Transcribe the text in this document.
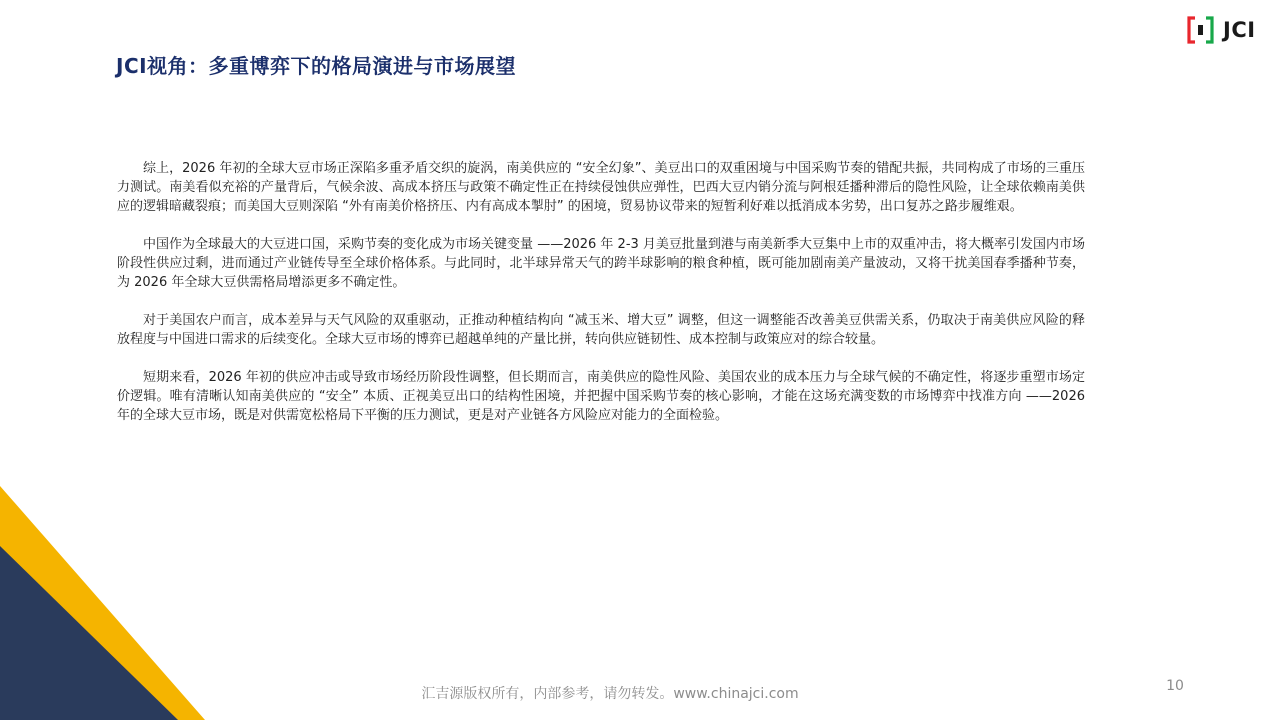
JCI视角：多重博弈下的格局演进与市场展望
JCI

综上，2026 年初的全球大豆市场正深陷多重矛盾交织的旋涡，南美供应的 “安全幻象”、美豆出口的双重困境与中国采购节奏的错配共振，共同构成了市场的三重压力测试。南美看似充裕的产量背后，气候余波、高成本挤压与政策不确定性正在持续侵蚀供应弹性，巴西大豆内销分流与阿根廷播种滞后的隐性风险，让全球依赖南美供应的逻辑暗藏裂痕；而美国大豆则深陷 “外有南美价格挤压、内有高成本掣肘” 的困境，贸易协议带来的短暂利好难以抵消成本劣势，出口复苏之路步履维艰。

中国作为全球最大的大豆进口国，采购节奏的变化成为市场关键变量 ——2026 年 2-3 月美豆批量到港与南美新季大豆集中上市的双重冲击，将大概率引发国内市场阶段性供应过剩，进而通过产业链传导至全球价格体系。与此同时，北半球异常天气的跨半球影响的粮食种植，既可能加剧南美产量波动，又将干扰美国春季播种节奏，为 2026 年全球大豆供需格局增添更多不确定性。

对于美国农户而言，成本差异与天气风险的双重驱动，正推动种植结构向 “减玉米、增大豆” 调整，但这一调整能否改善美豆供需关系，仍取决于南美供应风险的释放程度与中国进口需求的后续变化。全球大豆市场的博弈已超越单纯的产量比拼，转向供应链韧性、成本控制与政策应对的综合较量。

短期来看，2026 年初的供应冲击或导致市场经历阶段性调整，但长期而言，南美供应的隐性风险、美国农业的成本压力与全球气候的不确定性，将逐步重塑市场定价逻辑。唯有清晰认知南美供应的 “安全” 本质、正视美豆出口的结构性困境，并把握中国采购节奏的核心影响，才能在这场充满变数的市场博弈中找准方向 ——2026 年的全球大豆市场，既是对供需宽松格局下平衡的压力测试，更是对产业链各方风险应对能力的全面检验。

汇吉源版权所有，内部参考，请勿转发。www.chinajci.com	10
